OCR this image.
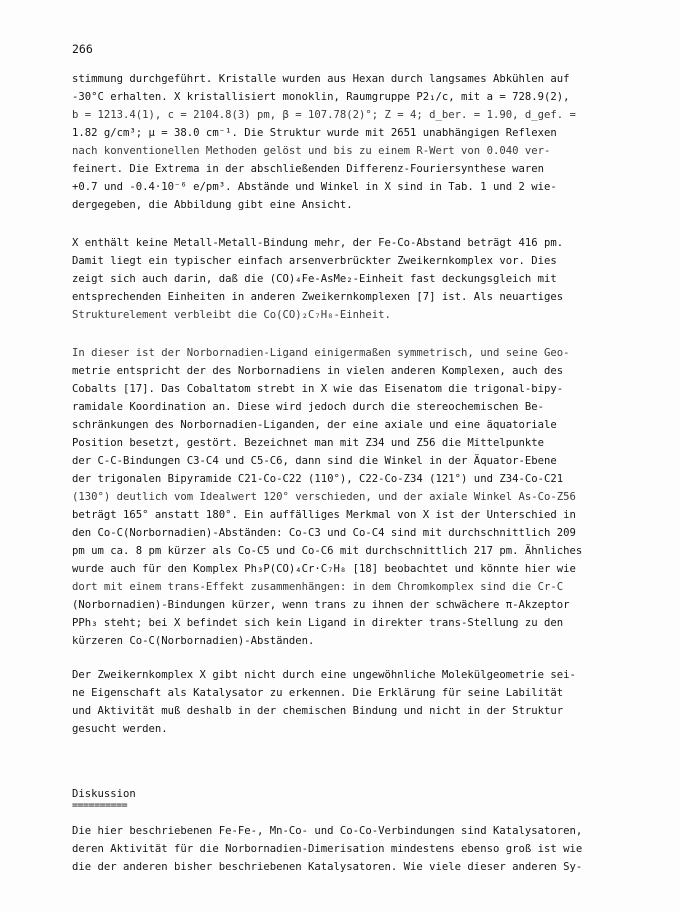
266
stimmung durchgeführt. Kristalle wurden aus Hexan durch langsames Abkühlen auf
-30°C erhalten. X kristallisiert monoklin, Raumgruppe P2₁/c, mit a = 728.9(2),
b = 1213.4(1), c = 2104.8(3) pm, β = 107.78(2)°; Z = 4; d_ber. = 1.90, d_gef. =
1.82 g/cm³; μ = 38.0 cm⁻¹. Die Struktur wurde mit 2651 unabhängigen Reflexen
nach konventionellen Methoden gelöst und bis zu einem R-Wert von 0.040 ver-
feinert. Die Extrema in der abschließenden Differenz-Fouriersynthese waren
+0.7 und -0.4·10⁻⁶ e/pm³. Abstände und Winkel in X sind in Tab. 1 und 2 wie-
dergegeben, die Abbildung gibt eine Ansicht.
X enthält keine Metall-Metall-Bindung mehr, der Fe-Co-Abstand beträgt 416 pm.
Damit liegt ein typischer einfach arsenverbrückter Zweikernkomplex vor. Dies
zeigt sich auch darin, daß die (CO)₄Fe-AsMe₂-Einheit fast deckungsgleich mit
entsprechenden Einheiten in anderen Zweikernkomplexen [7] ist. Als neuartiges
Strukturelement verbleibt die Co(CO)₂C₇H₈-Einheit.
In dieser ist der Norbornadien-Ligand einigermaßen symmetrisch, und seine Geo-
metrie entspricht der des Norbornadiens in vielen anderen Komplexen, auch des
Cobalts [17]. Das Cobaltatom strebt in X wie das Eisenatom die trigonal-bipy-
ramidale Koordination an. Diese wird jedoch durch die stereochemischen Be-
schränkungen des Norbornadien-Liganden, der eine axiale und eine äquatoriale
Position besetzt, gestört. Bezeichnet man mit Z34 und Z56 die Mittelpunkte
der C-C-Bindungen C3-C4 und C5-C6, dann sind die Winkel in der Äquator-Ebene
der trigonalen Bipyramide C21-Co-C22 (110°), C22-Co-Z34 (121°) und Z34-Co-C21
(130°) deutlich vom Idealwert 120° verschieden, und der axiale Winkel As-Co-Z56
beträgt 165° anstatt 180°. Ein auffälliges Merkmal von X ist der Unterschied in
den Co-C(Norbornadien)-Abständen: Co-C3 und Co-C4 sind mit durchschnittlich 209
pm um ca. 8 pm kürzer als Co-C5 und Co-C6 mit durchschnittlich 217 pm. Ähnliches
wurde auch für den Komplex Ph₃P(CO)₄Cr·C₇H₈ [18] beobachtet und könnte hier wie
dort mit einem trans-Effekt zusammenhängen: in dem Chromkomplex sind die Cr-C
(Norbornadien)-Bindungen kürzer, wenn trans zu ihnen der schwächere π-Akzeptor
PPh₃ steht; bei X befindet sich kein Ligand in direkter trans-Stellung zu den
kürzeren Co-C(Norbornadien)-Abständen.
Der Zweikernkomplex X gibt nicht durch eine ungewöhnliche Molekülgeometrie sei-
ne Eigenschaft als Katalysator zu erkennen. Die Erklärung für seine Labilität
und Aktivität muß deshalb in der chemischen Bindung und nicht in der Struktur
gesucht werden.
Diskussion
==========
Die hier beschriebenen Fe-Fe-, Mn-Co- und Co-Co-Verbindungen sind Katalysatoren,
deren Aktivität für die Norbornadien-Dimerisation mindestens ebenso groß ist wie
die der anderen bisher beschriebenen Katalysatoren. Wie viele dieser anderen Sy-
